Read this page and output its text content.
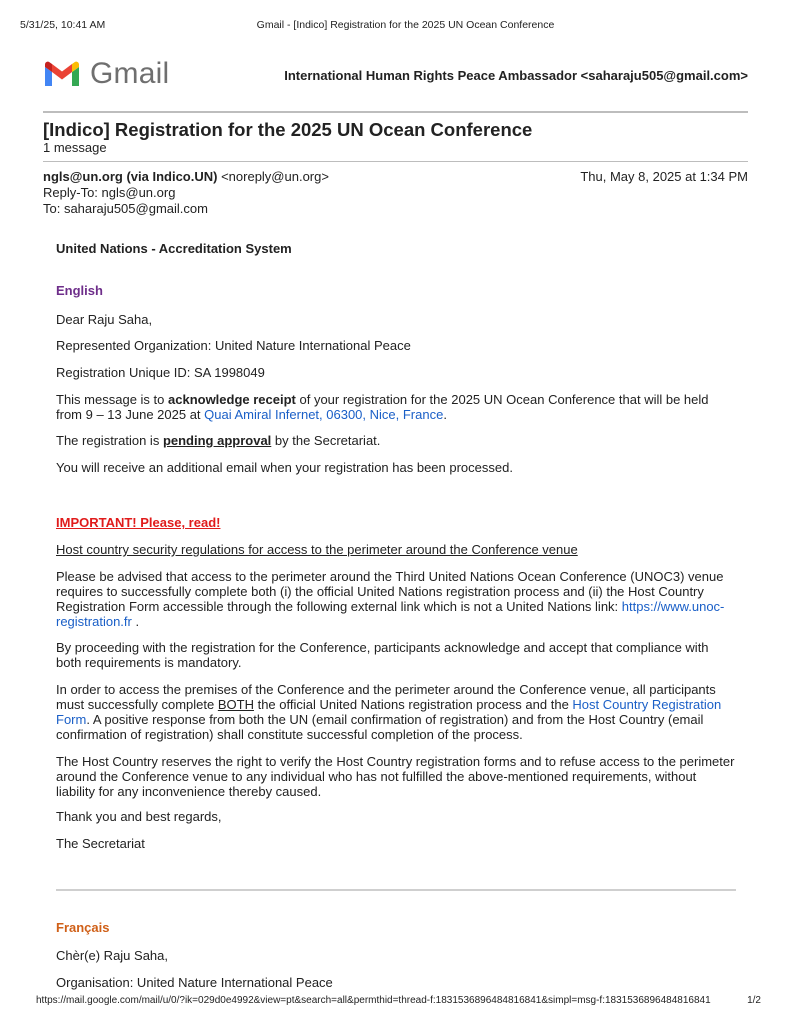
5/31/25, 10:41 AM	Gmail - [Indico] Registration for the 2025 UN Ocean Conference
Gmail	International Human Rights Peace Ambassador <saharaju505@gmail.com>
[Indico] Registration for the 2025 UN Ocean Conference
1 message
ngls@un.org (via Indico.UN) <noreply@un.org>
Reply-To: ngls@un.org
To: saharaju505@gmail.com
Thu, May 8, 2025 at 1:34 PM
United Nations - Accreditation System
English
Dear Raju Saha,
Represented Organization: United Nature International Peace
Registration Unique ID: SA 1998049
This message is to acknowledge receipt of your registration for the 2025 UN Ocean Conference that will be held from 9 – 13 June 2025 at Quai Amiral Infernet, 06300, Nice, France.
The registration is pending approval by the Secretariat.
You will receive an additional email when your registration has been processed.
IMPORTANT! Please, read!
Host country security regulations for access to the perimeter around the Conference venue
Please be advised that access to the perimeter around the Third United Nations Ocean Conference (UNOC3) venue requires to successfully complete both (i) the official United Nations registration process and (ii) the Host Country Registration Form accessible through the following external link which is not a United Nations link: https://www.unoc-registration.fr .
By proceeding with the registration for the Conference, participants acknowledge and accept that compliance with both requirements is mandatory.
In order to access the premises of the Conference and the perimeter around the Conference venue, all participants must successfully complete BOTH the official United Nations registration process and the Host Country Registration Form. A positive response from both the UN (email confirmation of registration) and from the Host Country (email confirmation of registration) shall constitute successful completion of the process.
The Host Country reserves the right to verify the Host Country registration forms and to refuse access to the perimeter around the Conference venue to any individual who has not fulfilled the above-mentioned requirements, without liability for any inconvenience thereby caused.
Thank you and best regards,
The Secretariat
Français
Chèr(e) Raju Saha,
Organisation: United Nature International Peace
https://mail.google.com/mail/u/0/?ik=029d0e4992&view=pt&search=all&permthid=thread-f:1831536896484816841&simpl=msg-f:1831536896484816841	1/2
